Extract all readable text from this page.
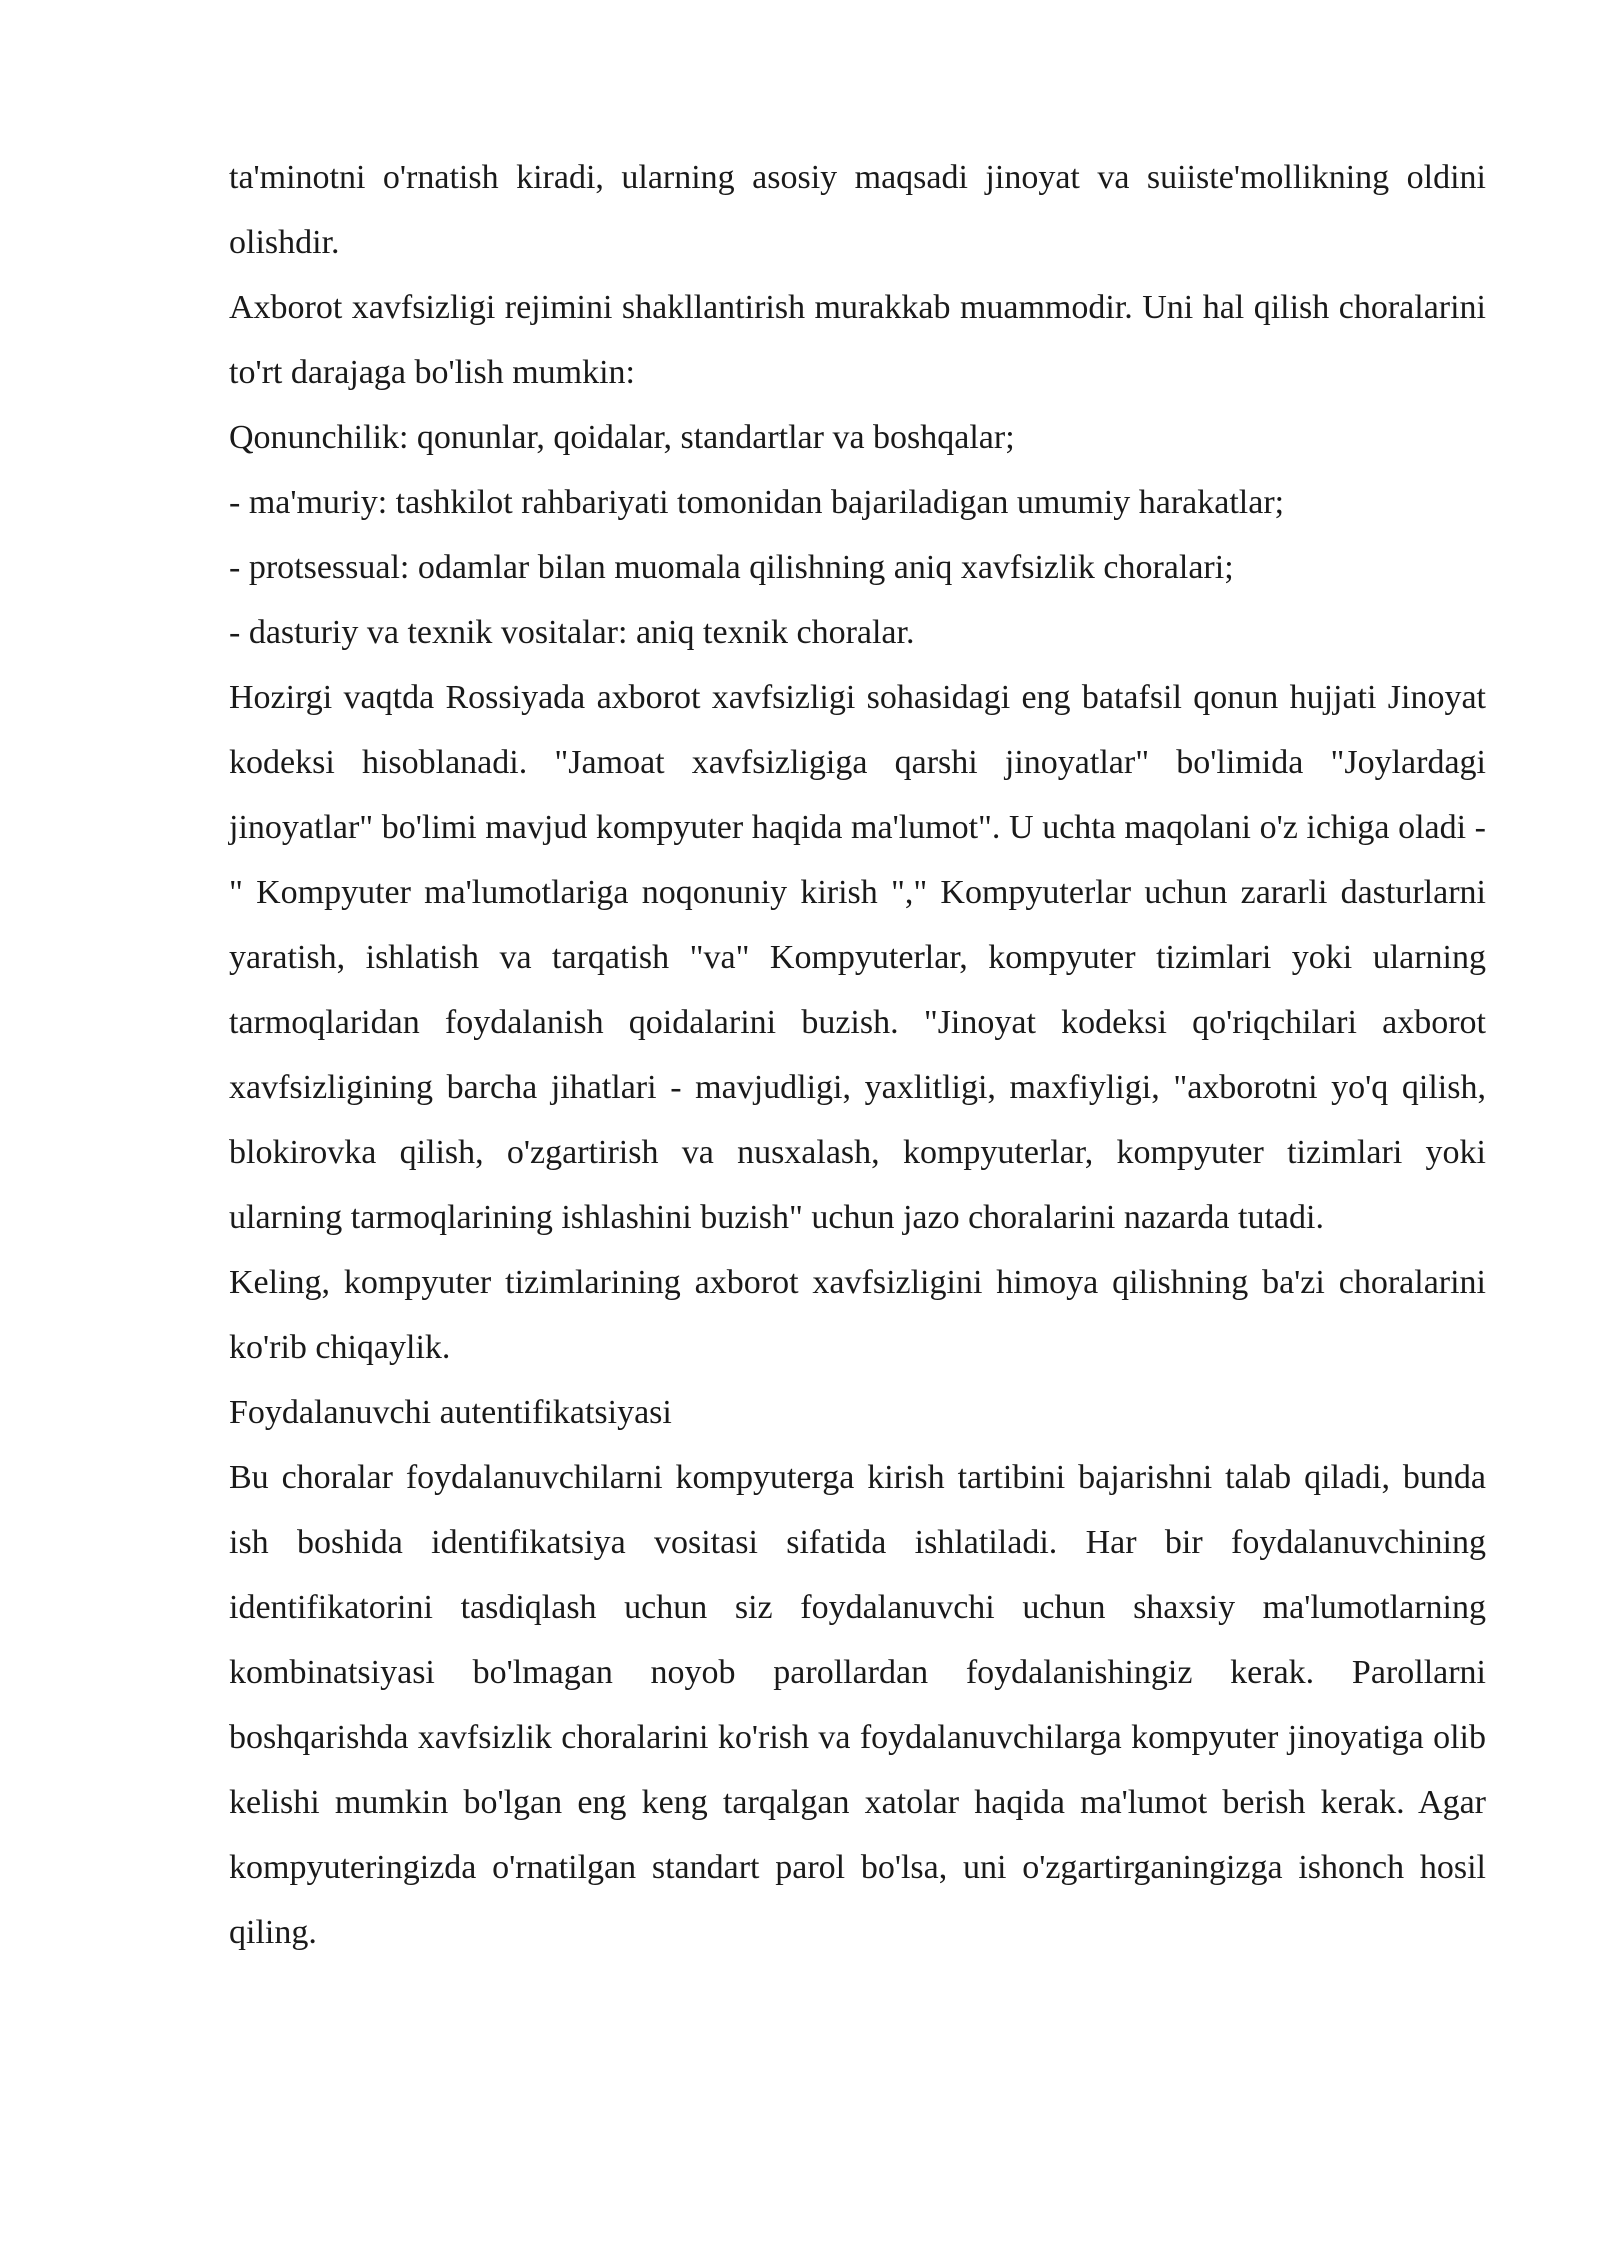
ta'minotni o'rnatish kiradi, ularning asosiy maqsadi jinoyat va suiiste'mollikning oldini olishdir.

Axborot xavfsizligi rejimini shakllantirish murakkab muammodir. Uni hal qilish choralarini to'rt darajaga bo'lish mumkin:

Qonunchilik: qonunlar, qoidalar, standartlar va boshqalar;

- ma'muriy: tashkilot rahbariyati tomonidan bajariladigan umumiy harakatlar;

- protsessual: odamlar bilan muomala qilishning aniq xavfsizlik choralari;

- dasturiy va texnik vositalar: aniq texnik choralar.

Hozirgi vaqtda Rossiyada axborot xavfsizligi sohasidagi eng batafsil qonun hujjati Jinoyat kodeksi hisoblanadi. "Jamoat xavfsizligiga qarshi jinoyatlar" bo'limida "Joylardagi jinoyatlar" bo'limi mavjud kompyuter haqida ma'lumot". U uchta maqolani o'z ichiga oladi -" Kompyuter ma'lumotlariga noqonuniy kirish "," Kompyuterlar uchun zararli dasturlarni yaratish, ishlatish va tarqatish "va" Kompyuterlar, kompyuter tizimlari yoki ularning tarmoqlaridan foydalanish qoidalarini buzish. "Jinoyat kodeksi qo'riqchilari axborot xavfsizligining barcha jihatlari - mavjudligi, yaxlitligi, maxfiyligi, "axborotni yo'q qilish, blokirovka qilish, o'zgartirish va nusxalash, kompyuterlar, kompyuter tizimlari yoki ularning tarmoqlarining ishlashini buzish" uchun jazo choralarini nazarda tutadi.

Keling, kompyuter tizimlarining axborot xavfsizligini himoya qilishning ba'zi choralarini ko'rib chiqaylik.

Foydalanuvchi autentifikatsiyasi

Bu choralar foydalanuvchilarni kompyuterga kirish tartibini bajarishni talab qiladi, bunda ish boshida identifikatsiya vositasi sifatida ishlatiladi. Har bir foydalanuvchining identifikatorini tasdiqlash uchun siz foydalanuvchi uchun shaxsiy ma'lumotlarning kombinatsiyasi bo'lmagan noyob parollardan foydalanishingiz kerak. Parollarni boshqarishda xavfsizlik choralarini ko'rish va foydalanuvchilarga kompyuter jinoyatiga olib kelishi mumkin bo'lgan eng keng tarqalgan xatolar haqida ma'lumot berish kerak. Agar kompyuteringizda o'rnatilgan standart parol bo'lsa, uni o'zgartirganingizga ishonch hosil qiling.
